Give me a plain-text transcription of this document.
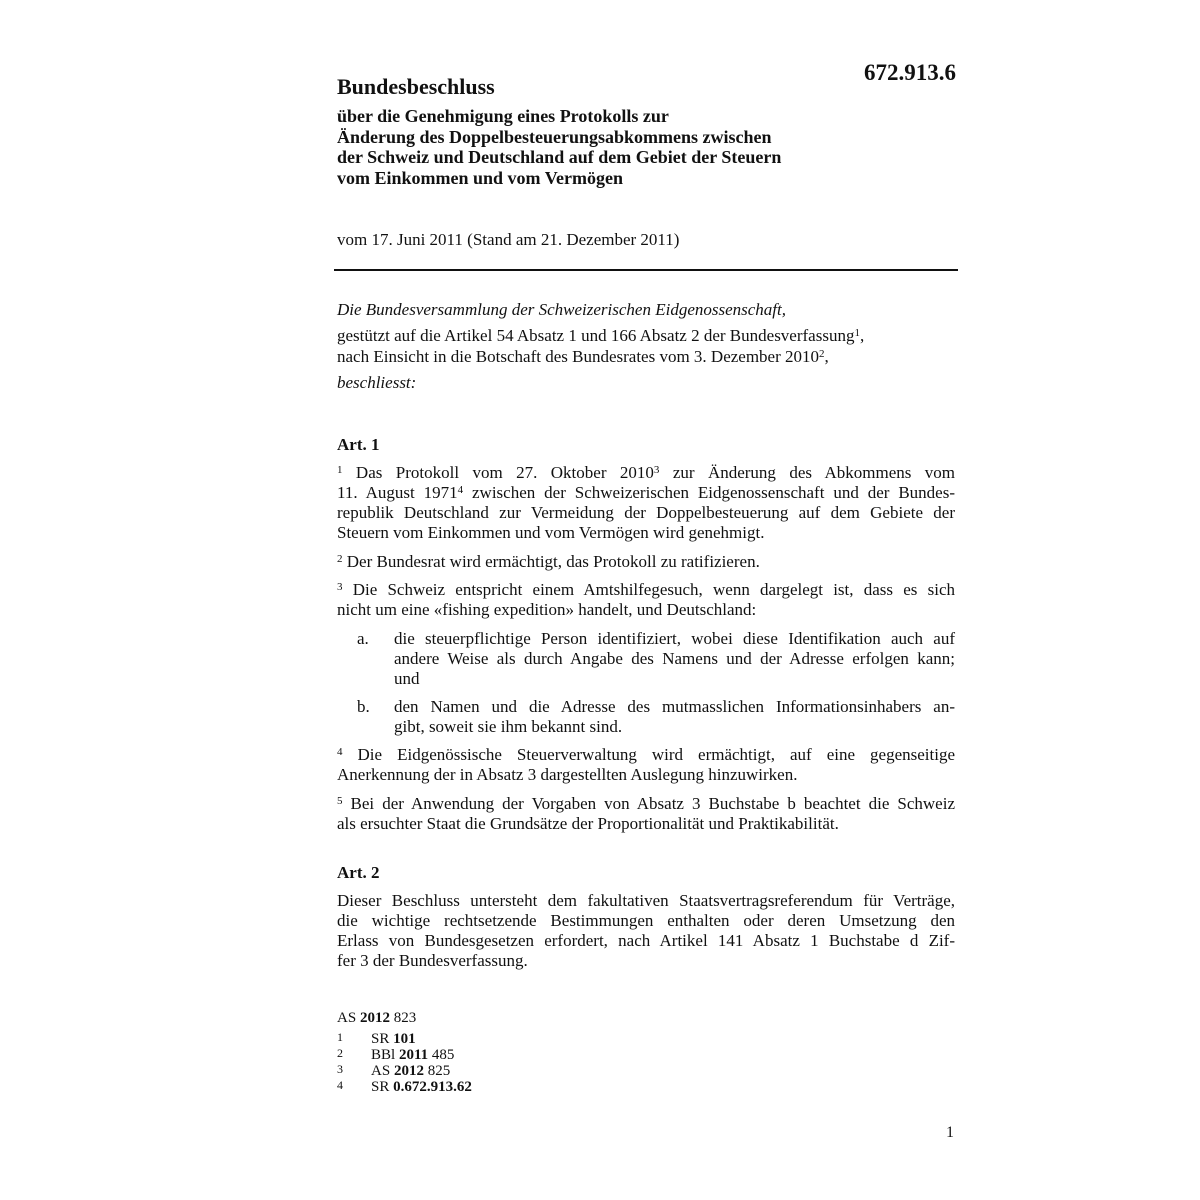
672.913.6
Bundesbeschluss
über die Genehmigung eines Protokolls zur
Änderung des Doppelbesteuerungsabkommens zwischen
der Schweiz und Deutschland auf dem Gebiet der Steuern
vom Einkommen und vom Vermögen
vom 17. Juni 2011 (Stand am 21. Dezember 2011)
Die Bundesversammlung der Schweizerischen Eidgenossenschaft,
gestützt auf die Artikel 54 Absatz 1 und 166 Absatz 2 der Bundesverfassung$^1$,
nach Einsicht in die Botschaft des Bundesrates vom 3. Dezember 2010$^2$,
beschliesst:
Art. 1
$^1$ Das Protokoll vom 27. Oktober 2010$^3$ zur Änderung des Abkommens vom
11. August 1971$^4$ zwischen der Schweizerischen Eidgenossenschaft und der Bundes-
republik Deutschland zur Vermeidung der Doppelbesteuerung auf dem Gebiete der
Steuern vom Einkommen und vom Vermögen wird genehmigt.
$^2$ Der Bundesrat wird ermächtigt, das Protokoll zu ratifizieren.
$^3$ Die Schweiz entspricht einem Amtshilfegesuch, wenn dargelegt ist, dass es sich
nicht um eine «fishing expedition» handelt, und Deutschland:
a. die steuerpflichtige Person identifiziert, wobei diese Identifikation auch auf
andere Weise als durch Angabe des Namens und der Adresse erfolgen kann;
und
b. den Namen und die Adresse des mutmasslichen Informationsinhabers an-
gibt, soweit sie ihm bekannt sind.
$^4$ Die Eidgenössische Steuerverwaltung wird ermächtigt, auf eine gegenseitige
Anerkennung der in Absatz 3 dargestellten Auslegung hinzuwirken.
$^5$ Bei der Anwendung der Vorgaben von Absatz 3 Buchstabe b beachtet die Schweiz
als ersuchter Staat die Grundsätze der Proportionalität und Praktikabilität.
Art. 2
Dieser Beschluss untersteht dem fakultativen Staatsvertragsreferendum für Verträge,
die wichtige rechtsetzende Bestimmungen enthalten oder deren Umsetzung den
Erlass von Bundesgesetzen erfordert, nach Artikel 141 Absatz 1 Buchstabe d Zif-
fer 3 der Bundesverfassung.
AS 2012 823
1 SR 101
2 BBl 2011 485
3 AS 2012 825
4 SR 0.672.913.62
1
